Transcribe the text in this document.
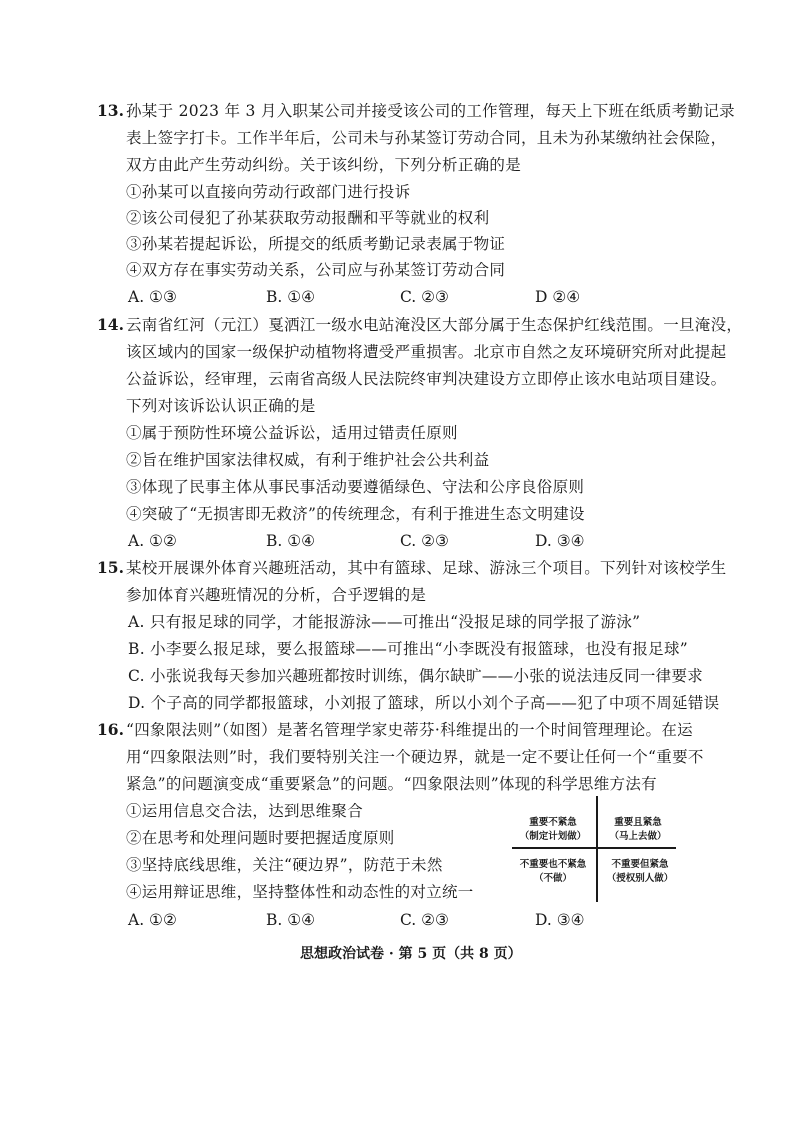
13. 孙某于 2023 年 3 月入职某公司并接受该公司的工作管理，每天上下班在纸质考勤记录
表上签字打卡。工作半年后，公司未与孙某签订劳动合同，且未为孙某缴纳社会保险，
双方由此产生劳动纠纷。关于该纠纷，下列分析正确的是
①孙某可以直接向劳动行政部门进行投诉
②该公司侵犯了孙某获取劳动报酬和平等就业的权利
③孙某若提起诉讼，所提交的纸质考勤记录表属于物证
④双方存在事实劳动关系，公司应与孙某签订劳动合同
A. ①③	B. ①④	C. ②③	D ②④
14. 云南省红河（元江）戛洒江一级水电站淹没区大部分属于生态保护红线范围。一旦淹没，
该区域内的国家一级保护动植物将遭受严重损害。北京市自然之友环境研究所对此提起
公益诉讼，经审理，云南省高级人民法院终审判决建设方立即停止该水电站项目建设。
下列对该诉讼认识正确的是
①属于预防性环境公益诉讼，适用过错责任原则
②旨在维护国家法律权威，有利于维护社会公共利益
③体现了民事主体从事民事活动要遵循绿色、守法和公序良俗原则
④突破了“无损害即无救济”的传统理念，有利于推进生态文明建设
A. ①②	B. ①④	C. ②③	D. ③④
15. 某校开展课外体育兴趣班活动，其中有篮球、足球、游泳三个项目。下列针对该校学生
参加体育兴趣班情况的分析，合乎逻辑的是
A. 只有报足球的同学，才能报游泳——可推出“没报足球的同学报了游泳”
B. 小李要么报足球，要么报篮球——可推出“小李既没有报篮球，也没有报足球”
C. 小张说我每天参加兴趣班都按时训练，偶尔缺旷——小张的说法违反同一律要求
D. 个子高的同学都报篮球，小刘报了篮球，所以小刘个子高——犯了中项不周延错误
16. “四象限法则”（如图）是著名管理学家史蒂芬·科维提出的一个时间管理理论。在运
用“四象限法则”时，我们要特别关注一个硬边界，就是一定不要让任何一个“重要不
紧急”的问题演变成“重要紧急”的问题。“四象限法则”体现的科学思维方法有
①运用信息交合法，达到思维聚合
②在思考和处理问题时要把握适度原则
③坚持底线思维，关注“硬边界”，防范于未然
④运用辩证思维，坚持整体性和动态性的对立统一
A. ①②	B. ①④	C. ②③	D. ③④
重要不紧急
（制定计划做）
重要且紧急
（马上去做）
不重要也不紧急
（不做）
不重要但紧急
（授权别人做）
思想政治试卷 · 第 5 页（共 8 页）
